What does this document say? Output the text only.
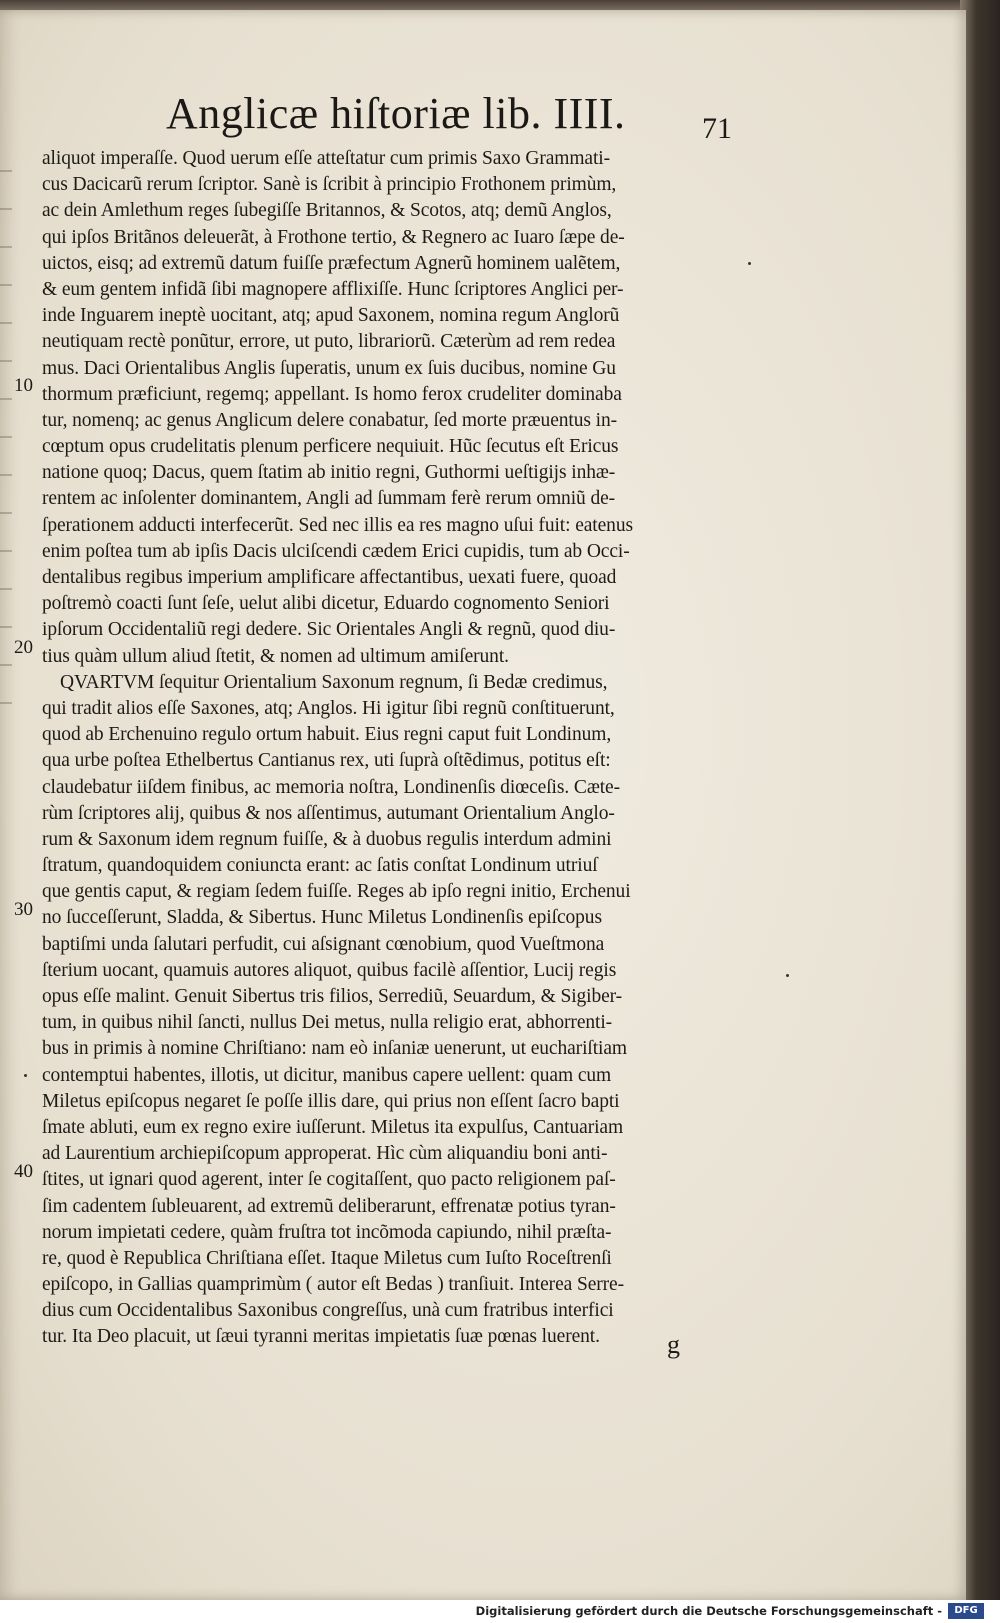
Anglicæ hiſtoriæ lib. IIII.	71
10
20
30
40
aliquot imperaſſe. Quod uerum eſſe atteſtatur cum primis Saxo Grammati-
cus Dacicarũ rerum ſcriptor. Sanè is ſcribit à principio Frothonem primùm,
ac dein Amlethum reges ſubegiſſe Britannos, & Scotos, atq; demũ Anglos,
qui ipſos Britãnos deleuerãt, à Frothone tertio, & Regnero ac Iuaro ſæpe de-
uictos, eisq; ad extremũ datum fuiſſe præfectum Agnerũ hominem ualẽtem,
& eum gentem infidã ſibi magnopere afflixiſſe. Hunc ſcriptores Anglici per-
inde Inguarem ineptè uocitant, atq; apud Saxonem, nomina regum Anglorũ
neutiquam rectè ponũtur, errore, ut puto, librariorũ. Cæterùm ad rem redea
mus. Daci Orientalibus Anglis ſuperatis, unum ex ſuis ducibus, nomine Gu
thormum præficiunt, regemq; appellant. Is homo ferox crudeliter dominaba
tur, nomenq; ac genus Anglicum delere conabatur, ſed morte præuentus in-
cœptum opus crudelitatis plenum perficere nequiuit. Hũc ſecutus eſt Ericus
natione quoq; Dacus, quem ſtatim ab initio regni, Guthormi ueſtigijs inhæ-
rentem ac inſolenter dominantem, Angli ad ſummam ferè rerum omniũ de-
ſperationem adducti interfecerũt. Sed nec illis ea res magno uſui fuit: eatenus
enim poſtea tum ab ipſis Dacis ulciſcendi cædem Erici cupidis, tum ab Occi-
dentalibus regibus imperium amplificare affectantibus, uexati fuere, quoad
poſtremò coacti ſunt ſeſe, uelut alibi dicetur, Eduardo cognomento Seniori
ipſorum Occidentaliũ regi dedere. Sic Orientales Angli & regnũ, quod diu-
tius quàm ullum aliud ſtetit, & nomen ad ultimum amiſerunt.
QVARTVM ſequitur Orientalium Saxonum regnum, ſi Bedæ credimus,
qui tradit alios eſſe Saxones, atq; Anglos. Hi igitur ſibi regnũ conſtituerunt,
quod ab Erchenuino regulo ortum habuit. Eius regni caput fuit Londinum,
qua urbe poſtea Ethelbertus Cantianus rex, uti ſuprà oſtẽdimus, potitus eſt:
claudebatur iiſdem finibus, ac memoria noſtra, Londinenſis diœceſis. Cæte-
rùm ſcriptores alij, quibus & nos aſſentimus, autumant Orientalium Anglo-
rum & Saxonum idem regnum fuiſſe, & à duobus regulis interdum admini
ſtratum, quandoquidem coniuncta erant: ac ſatis conſtat Londinum utriuſ
que gentis caput, & regiam ſedem fuiſſe. Reges ab ipſo regni initio, Erchenui
no ſucceſſerunt, Sladda, & Sibertus. Hunc Miletus Londinenſis epiſcopus
baptiſmi unda ſalutari perfudit, cui aſsignant cœnobium, quod Vueſtmona
ſterium uocant, quamuis autores aliquot, quibus facilè aſſentior, Lucij regis
opus eſſe malint. Genuit Sibertus tris filios, Serrediũ, Seuardum, & Sigiber-
tum, in quibus nihil ſancti, nullus Dei metus, nulla religio erat, abhorrenti-
bus in primis à nomine Chriſtiano: nam eò inſaniæ uenerunt, ut euchariſtiam
contemptui habentes, illotis, ut dicitur, manibus capere uellent: quam cum
Miletus epiſcopus negaret ſe poſſe illis dare, qui prius non eſſent ſacro bapti
ſmate abluti, eum ex regno exire iuſſerunt. Miletus ita expulſus, Cantuariam
ad Laurentium archiepiſcopum approperat. Hìc cùm aliquandiu boni anti-
ſtites, ut ignari quod agerent, inter ſe cogitaſſent, quo pacto religionem paſ-
ſim cadentem ſubleuarent, ad extremũ deliberarunt, effrenatæ potius tyran-
norum impietati cedere, quàm fruſtra tot incõmoda capiundo, nihil præſta-
re, quod è Republica Chriſtiana eſſet. Itaque Miletus cum Iuſto Roceſtrenſi
epiſcopo, in Gallias quamprimùm ( autor eſt Bedas ) tranſiuit. Interea Serre-
dius cum Occidentalibus Saxonibus congreſſus, unà cum fratribus interfici
tur. Ita Deo placuit, ut ſæui tyranni meritas impietatis ſuæ pœnas luerent.	g
Digitalisierung gefördert durch die Deutsche Forschungsgemeinschaft -	DFG
